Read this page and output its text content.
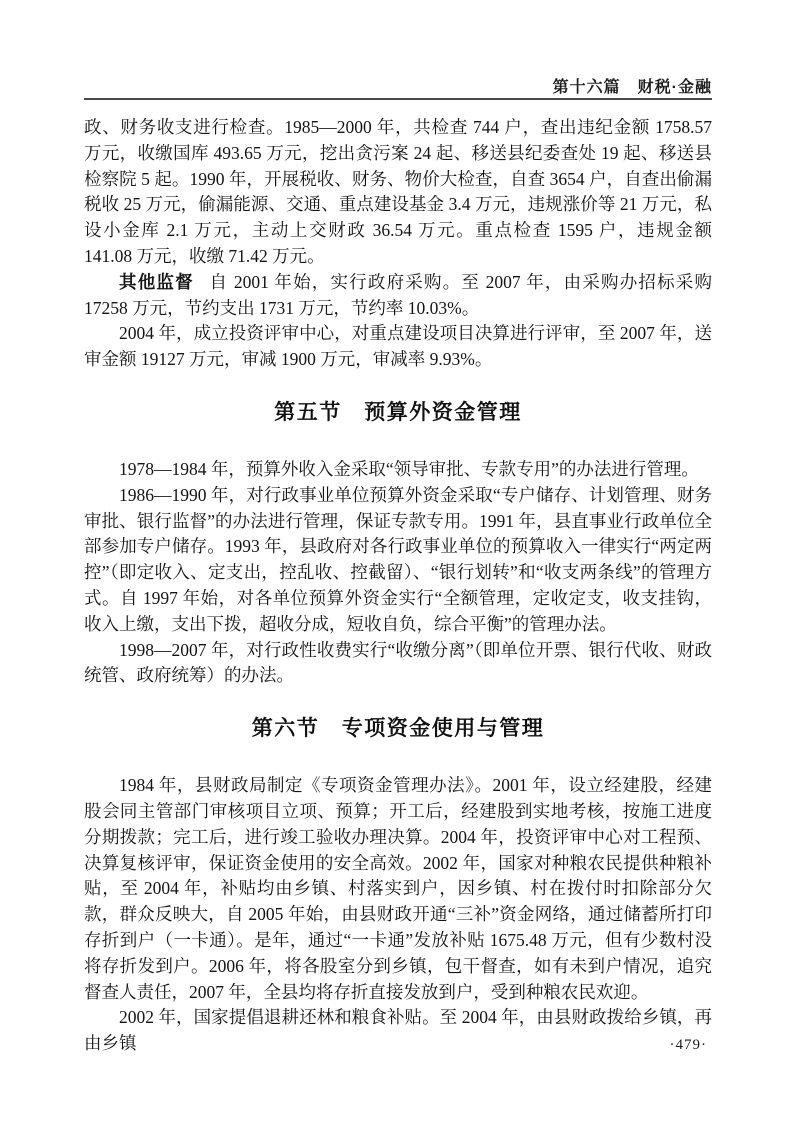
第十六篇　财税·金融

政、财务收支进行检查。1985—2000 年，共检查 744 户，查出违纪金额 1758.57 万元，收缴国库 493.65 万元，挖出贪污案 24 起、移送县纪委查处 19 起、移送县检察院 5 起。1990 年，开展税收、财务、物价大检查，自查 3654 户，自查出偷漏税收 25 万元，偷漏能源、交通、重点建设基金 3.4 万元，违规涨价等 21 万元，私设小金库 2.1 万元，主动上交财政 36.54 万元。重点检查 1595 户，违规金额 141.08 万元，收缴 71.42 万元。

其他监督 自 2001 年始，实行政府采购。至 2007 年，由采购办招标采购 17258 万元，节约支出 1731 万元，节约率 10.03%。

2004 年，成立投资评审中心，对重点建设项目决算进行评审，至 2007 年，送审金额 19127 万元，审减 1900 万元，审减率 9.93%。

第五节　预算外资金管理

1978—1984 年，预算外收入金采取“领导审批、专款专用”的办法进行管理。

1986—1990 年，对行政事业单位预算外资金采取“专户储存、计划管理、财务审批、银行监督”的办法进行管理，保证专款专用。1991 年，县直事业行政单位全部参加专户储存。1993 年，县政府对各行政事业单位的预算收入一律实行“两定两控”（即定收入、定支出，控乱收、控截留）、“银行划转”和“收支两条线”的管理方式。自 1997 年始，对各单位预算外资金实行“全额管理，定收定支，收支挂钩，收入上缴，支出下拨，超收分成，短收自负，综合平衡”的管理办法。

1998—2007 年，对行政性收费实行“收缴分离”（即单位开票、银行代收、财政统管、政府统筹）的办法。

第六节　专项资金使用与管理

1984 年，县财政局制定《专项资金管理办法》。2001 年，设立经建股，经建股会同主管部门审核项目立项、预算；开工后，经建股到实地考核，按施工进度分期拨款；完工后，进行竣工验收办理决算。2004 年，投资评审中心对工程预、决算复核评审，保证资金使用的安全高效。2002 年，国家对种粮农民提供种粮补贴，至 2004 年，补贴均由乡镇、村落实到户，因乡镇、村在拨付时扣除部分欠款，群众反映大，自 2005 年始，由县财政开通“三补”资金网络，通过储蓄所打印存折到户（一卡通）。是年，通过“一卡通”发放补贴 1675.48 万元，但有少数村没将存折发到户。2006 年，将各股室分到乡镇，包干督查，如有未到户情况，追究督查人责任，2007 年，全县均将存折直接发放到户，受到种粮农民欢迎。

2002 年，国家提倡退耕还林和粮食补贴。至 2004 年，由县财政拨给乡镇，再由乡镇	·479·
